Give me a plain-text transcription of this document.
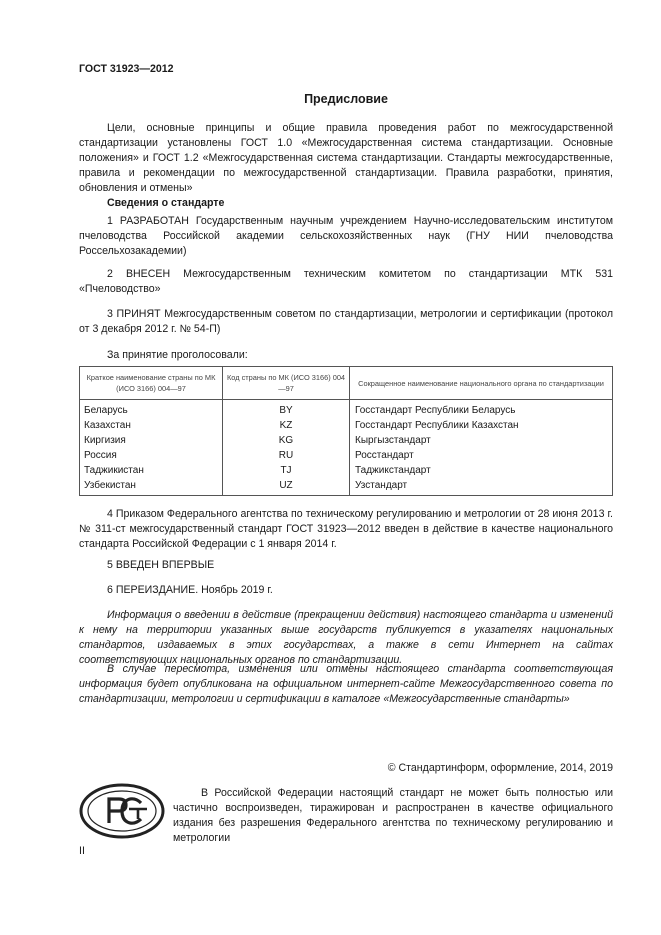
ГОСТ 31923—2012
Предисловие

Цели, основные принципы и общие правила проведения работ по межгосударственной стандартизации установлены ГОСТ 1.0 «Межгосударственная система стандартизации. Основные положения» и ГОСТ 1.2 «Межгосударственная система стандартизации. Стандарты межгосударственные, правила и рекомендации по межгосударственной стандартизации. Правила разработки, принятия, обновления и отмены»

Сведения о стандарте

1 РАЗРАБОТАН Государственным научным учреждением Научно-исследовательским институтом пчеловодства Российской академии сельскохозяйственных наук (ГНУ НИИ пчеловодства Россельхозакадемии)

2 ВНЕСЕН Межгосударственным техническим комитетом по стандартизации МТК 531 «Пчеловодство»

3 ПРИНЯТ Межгосударственным советом по стандартизации, метрологии и сертификации (протокол от 3 декабря 2012 г. № 54-П)

За принятие проголосовали:
Краткое наименование страны по МК (ИСО 3166) 004—97	Код страны по МК (ИСО 3166) 004—97	Сокращенное наименование национального органа по стандартизации
Беларусь	BY	Госстандарт Республики Беларусь
Казахстан	KZ	Госстандарт Республики Казахстан
Киргизия	KG	Кыргызстандарт
Россия	RU	Росстандарт
Таджикистан	TJ	Таджикстандарт
Узбекистан	UZ	Узстандарт

4 Приказом Федерального агентства по техническому регулированию и метрологии от 28 июня 2013 г. № 311-ст межгосударственный стандарт ГОСТ 31923—2012 введен в действие в качестве национального стандарта Российской Федерации с 1 января 2014 г.

5 ВВЕДЕН ВПЕРВЫЕ
6 ПЕРЕИЗДАНИЕ. Ноябрь 2019 г.

Информация о введении в действие (прекращении действия) настоящего стандарта и изменений к нему на территории указанных выше государств публикуется в указателях национальных стандартов, издаваемых в этих государствах, а также в сети Интернет на сайтах соответствующих национальных органов по стандартизации.

В случае пересмотра, изменения или отмены настоящего стандарта соответствующая информация будет опубликована на официальном интернет-сайте Межгосударственного совета по стандартизации, метрологии и сертификации в каталоге «Межгосударственные стандарты»

© Стандартинформ, оформление, 2014, 2019

В Российской Федерации настоящий стандарт не может быть полностью или частично воспроизведен, тиражирован и распространен в качестве официального издания без разрешения Федерального агентства по техническому регулированию и метрологии

II
